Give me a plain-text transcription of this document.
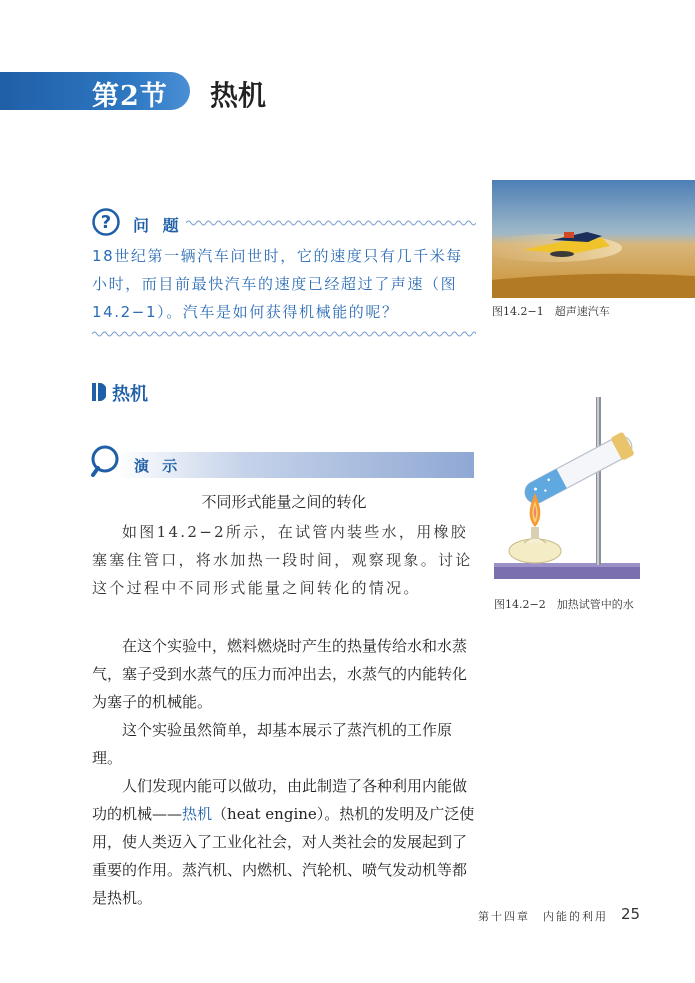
第2节 热机
? 问 题
18世纪第一辆汽车问世时，它的速度只有几千米每小时，而目前最快汽车的速度已经超过了声速（图 14.2−1）。汽车是如何获得机械能的呢？	图14.2−1　超声速汽车
热机
演 示
不同形式能量之间的转化
如图14.2−2所示，在试管内装些水，用橡胶塞塞住管口，将水加热一段时间，观察现象。讨论这个过程中不同形式能量之间转化的情况。
图14.2−2　加热试管中的水

在这个实验中，燃料燃烧时产生的热量传给水和水蒸气，塞子受到水蒸气的压力而冲出去，水蒸气的内能转化为塞子的机械能。

这个实验虽然简单，却基本展示了蒸汽机的工作原理。

人们发现内能可以做功，由此制造了各种利用内能做功的机械——热机（heat engine）。热机的发明及广泛使用，使人类迈入了工业化社会，对人类社会的发展起到了重要的作用。蒸汽机、内燃机、汽轮机、喷气发动机等都是热机。

第十四章　内能的利用 25
